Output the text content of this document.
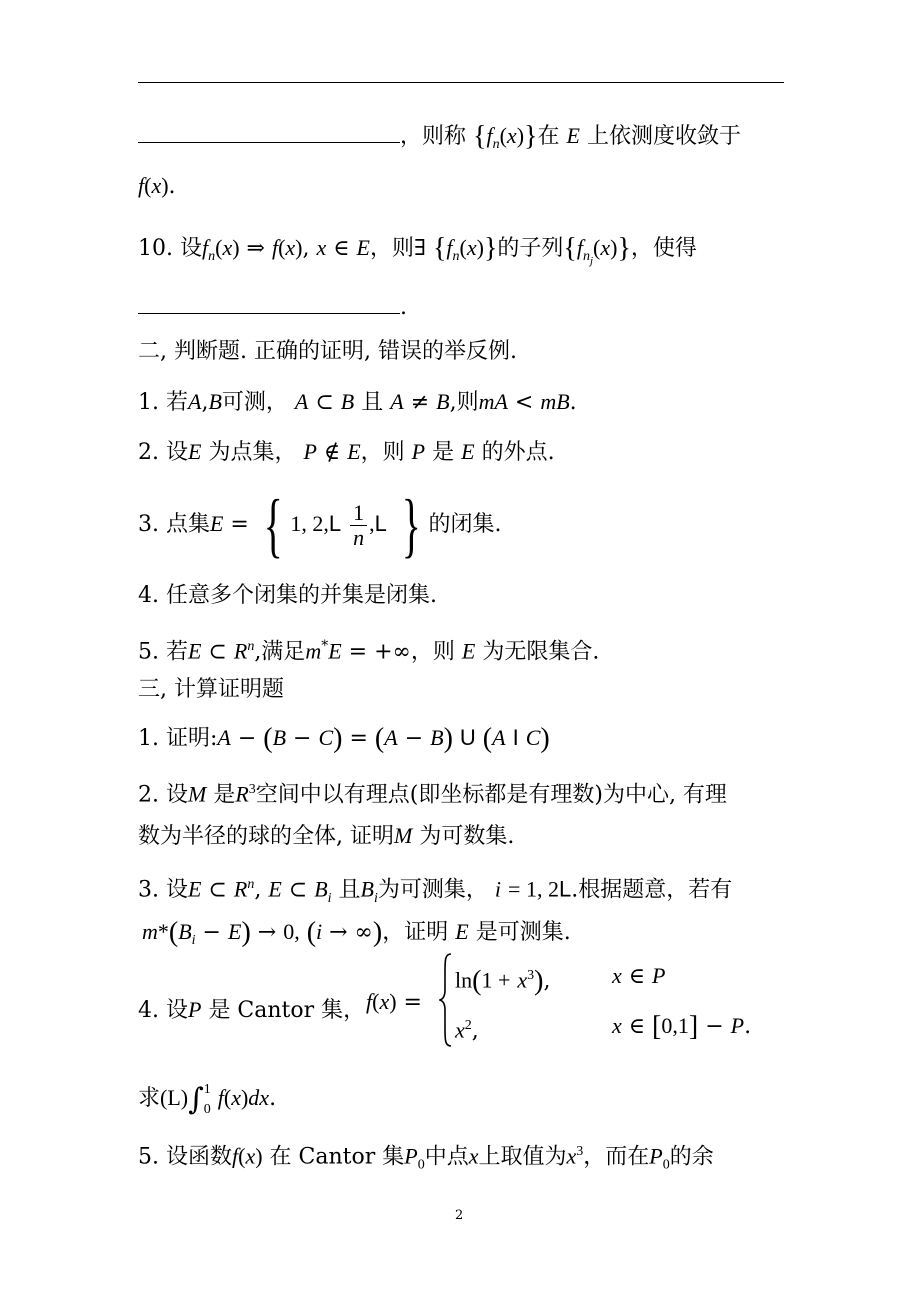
，则称 $\{f_n(x)\}$在 E 上依测度收敛于
f(x).
10. 设$f_n(x)$ ⇒ f(x), x ∈ E，则∃ $\{f_n(x)\}$的子列$\{f_{n_j}(x)\}$，使得
.
二, 判断题. 正确的证明, 错误的举反例.
1. 若A,B可测， A ⊂ B 且 A ≠ B,则mA < mB.
2. 设E 为点集， P ∉ E，则 P 是 E 的外点.
3. 点集E = { 1, $2,L \frac{1}{n} ,L$ } 的闭集.
4. 任意多个闭集的并集是闭集.
5. 若E ⊂ $R^n$,满足m*E = +∞，则 E 为无限集合.
三, 计算证明题
1. 证明:A − (B − C) = (A − B) U (A I C)
2. 设M 是$R^3$空间中以有理点(即坐标都是有理数)为中心, 有理
数为半径的球的全体, 证明M 为可数集.
3. 设E ⊂ $R^n$, E ⊂ $B_i$ 且$B_i$为可测集， i = 1, 2L.根据题意，若有
$m*(B_i - E) \to 0$, (i → ∞)，证明 E 是可测集.
4. 设P 是 Cantor 集， f(x) =
$\ln(1 + x^3)$,	x ∈ P
$x^2$,	x ∈ [0,1] − P.
求$(L)\int_0^1$ f(x)dx.
5. 设函数f(x) 在 Cantor 集$P_0$中点x上取值为$x^3$，而在$P_0$的余
2
